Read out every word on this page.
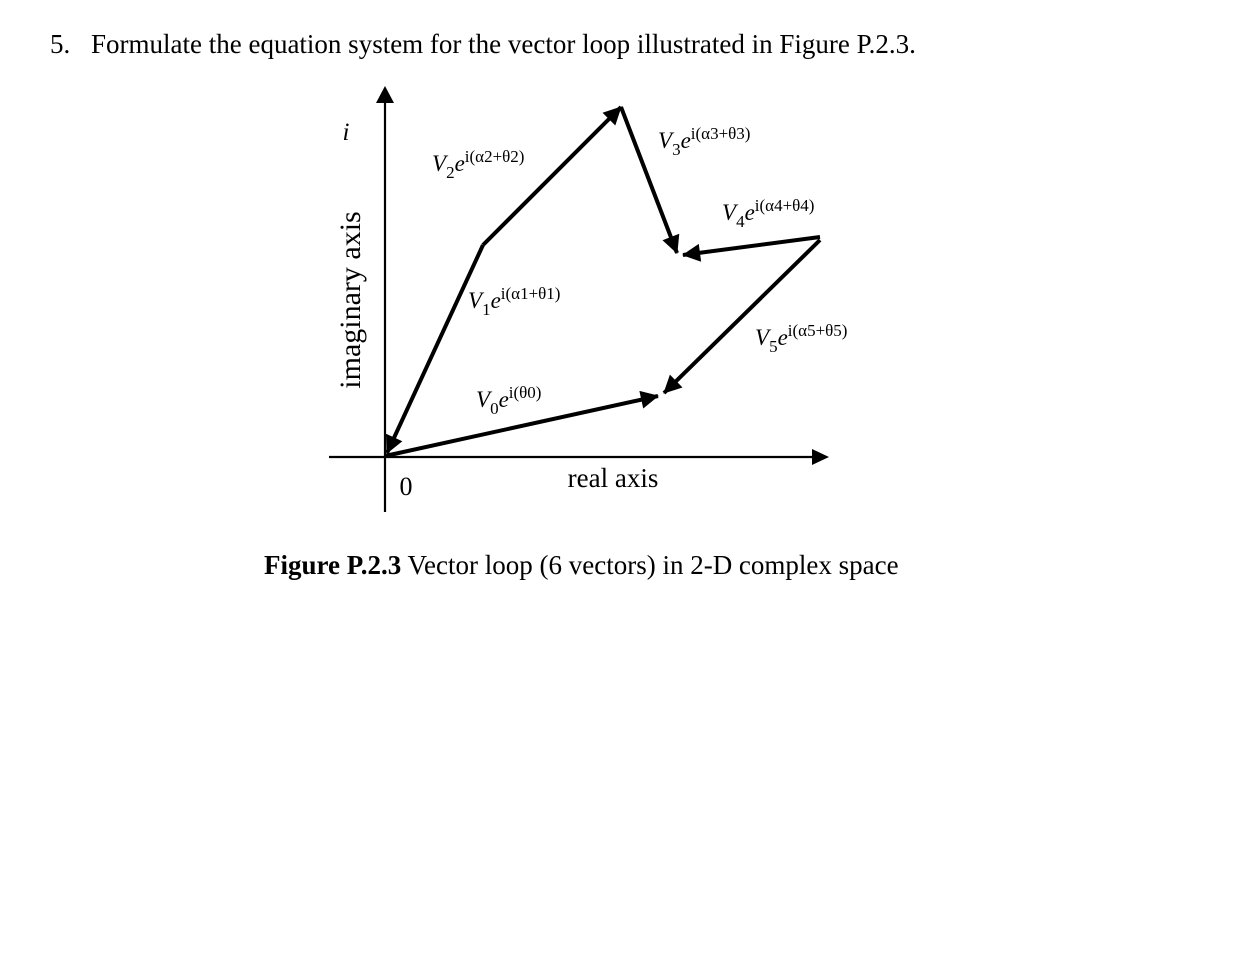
5. Formulate the equation system for the vector loop illustrated in Figure P.2.3.
i
imaginary axis
real axis
0
$V_2e^{i(\alpha 2+\theta 2)}$
$V_3e^{i(\alpha 3+\theta 3)}$
$V_4e^{i(\alpha 4+\theta 4)}$
$V_1e^{i(\alpha 1+\theta 1)}$
$V_5e^{i(\alpha 5+\theta 5)}$
$V_0e^{i(\theta 0)}$
Figure P.2.3 Vector loop (6 vectors) in 2-D complex space
